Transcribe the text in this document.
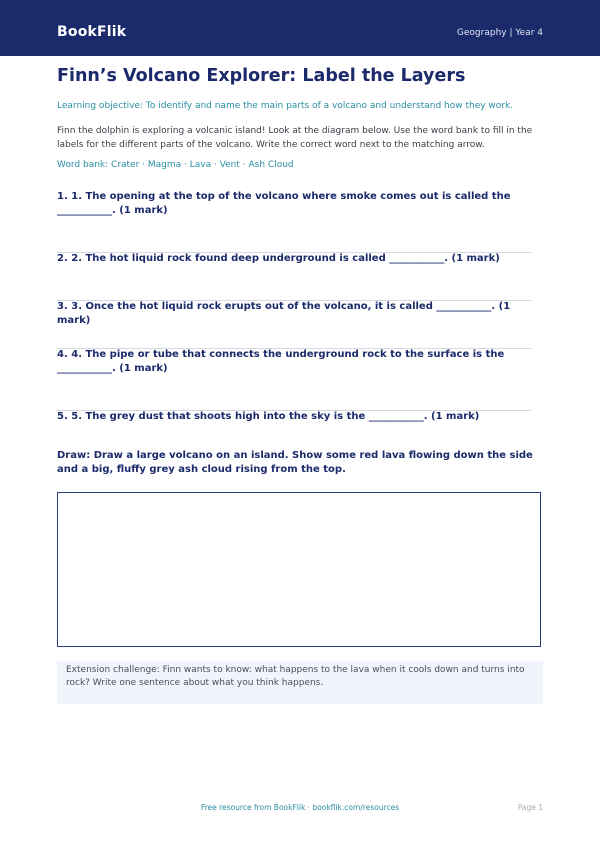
BookFlik	Geography | Year 4
Finn’s Volcano Explorer: Label the Layers
Learning objective: To identify and name the main parts of a volcano and understand how they work.
Finn the dolphin is exploring a volcanic island! Look at the diagram below. Use the word bank to fill in the labels for the different parts of the volcano. Write the correct word next to the matching arrow.
Word bank: Crater · Magma · Lava · Vent · Ash Cloud
1. 1. The opening at the top of the volcano where smoke comes out is called the ___________. (1 mark)
2. 2. The hot liquid rock found deep underground is called ___________. (1 mark)
3. 3. Once the hot liquid rock erupts out of the volcano, it is called ___________. (1 mark)
4. 4. The pipe or tube that connects the underground rock to the surface is the ___________. (1 mark)
5. 5. The grey dust that shoots high into the sky is the ___________. (1 mark)
Draw: Draw a large volcano on an island. Show some red lava flowing down the side and a big, fluffy grey ash cloud rising from the top.
Extension challenge: Finn wants to know: what happens to the lava when it cools down and turns into rock? Write one sentence about what you think happens.
Free resource from BookFlik · bookflik.com/resources	Page 1
